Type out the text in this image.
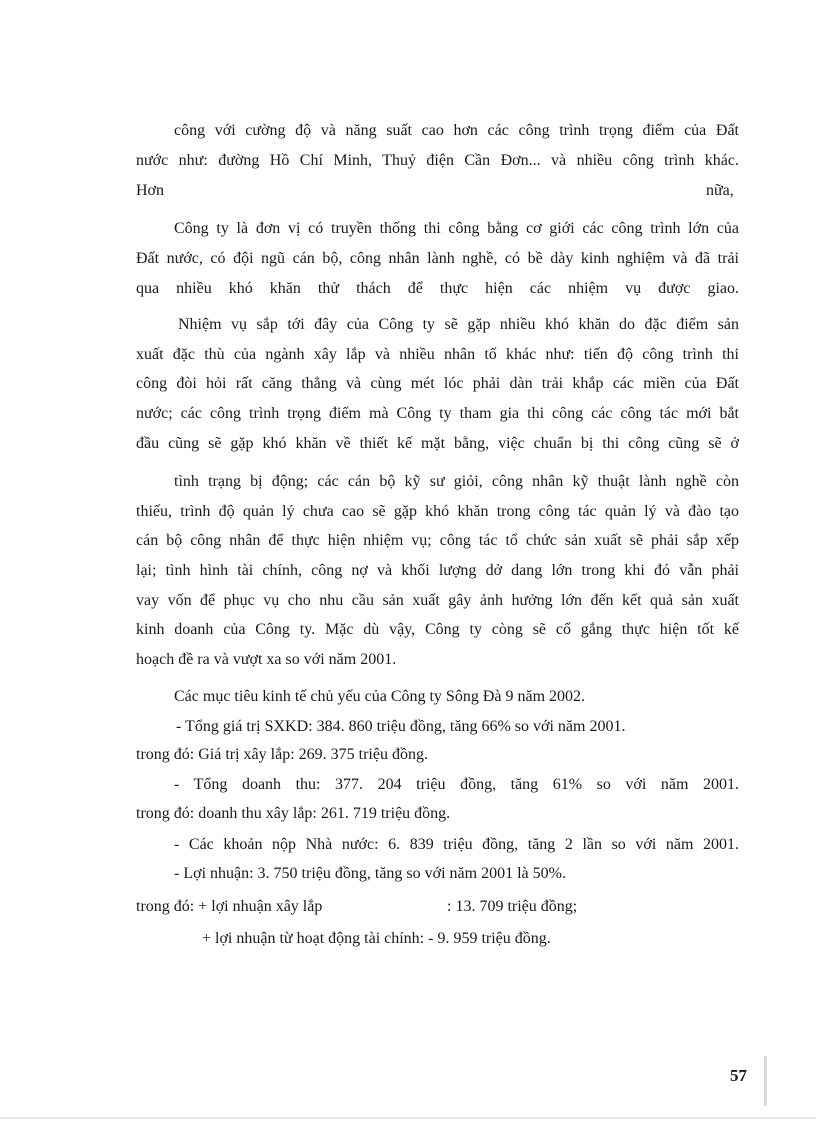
công với cường độ và năng suất cao hơn các công trình trọng điểm của Đất
nước như: đường Hồ Chí Minh, Thuỷ điện Cần Đơn... và nhiều công trình khác.
Hơn	nữa,
Công ty là đơn vị có truyền thống thi công bằng cơ giới các công trình lớn của
Đất nước, có đội ngũ cán bộ, công nhân lành nghề, có bề dày kinh nghiệm và đã trải
qua nhiều khó khăn thử thách để thực hiện các nhiệm vụ được giao.
Nhiệm vụ sắp tới đây của Công ty sẽ gặp nhiều khó khăn do đặc điểm sản
xuất đặc thù của ngành xây lắp và nhiều nhân tố khác như: tiến độ công trình thi
công đòi hỏi rất căng thẳng và cùng mét lóc phải dàn trải khắp các miền của Đất
nước; các công trình trọng điểm mà Công ty tham gia thi công các công tác mới bắt
đầu cũng sẽ gặp khó khăn về thiết kế mặt bằng, việc chuẩn bị thi công cũng sẽ ở
tình trạng bị động; các cán bộ kỹ sư giỏi, công nhân kỹ thuật lành nghề còn
thiếu, trình độ quản lý chưa cao sẽ gặp khó khăn trong công tác quản lý và đào tạo
cán bộ công nhân để thực hiện nhiệm vụ; công tác tổ chức sản xuất sẽ phải sắp xếp
lại; tình hình tài chính, công nợ và khối lượng dở dang lớn trong khi đó vẫn phải
vay vốn để phục vụ cho nhu cầu sản xuất gây ảnh hưởng lớn đến kết quả sản xuất
kinh doanh của Công ty. Mặc dù vậy, Công ty còng sẽ cố gắng thực hiện tốt kế
hoạch đề ra và vượt xa so với năm 2001.
Các mục tiêu kinh tế chủ yếu của Công ty Sông Đà 9 năm 2002.
- Tổng giá trị SXKD: 384. 860 triệu đồng, tăng 66% so với năm 2001.
trong đó: Giá trị xây lắp: 269. 375 triệu đồng.
- Tổng doanh thu: 377. 204 triệu đồng, tăng 61% so với năm 2001.
trong đó: doanh thu xây lắp: 261. 719 triệu đồng.
- Các khoản nộp Nhà nước: 6. 839 triệu đồng, tăng 2 lần so với năm 2001.
- Lợi nhuận: 3. 750 triệu đồng, tăng so với năm 2001 là 50%.
trong đó: + lợi nhuận xây lắp	: 13. 709 triệu đồng;
+ lợi nhuận từ hoạt động tài chính: - 9. 959 triệu đồng.
57
